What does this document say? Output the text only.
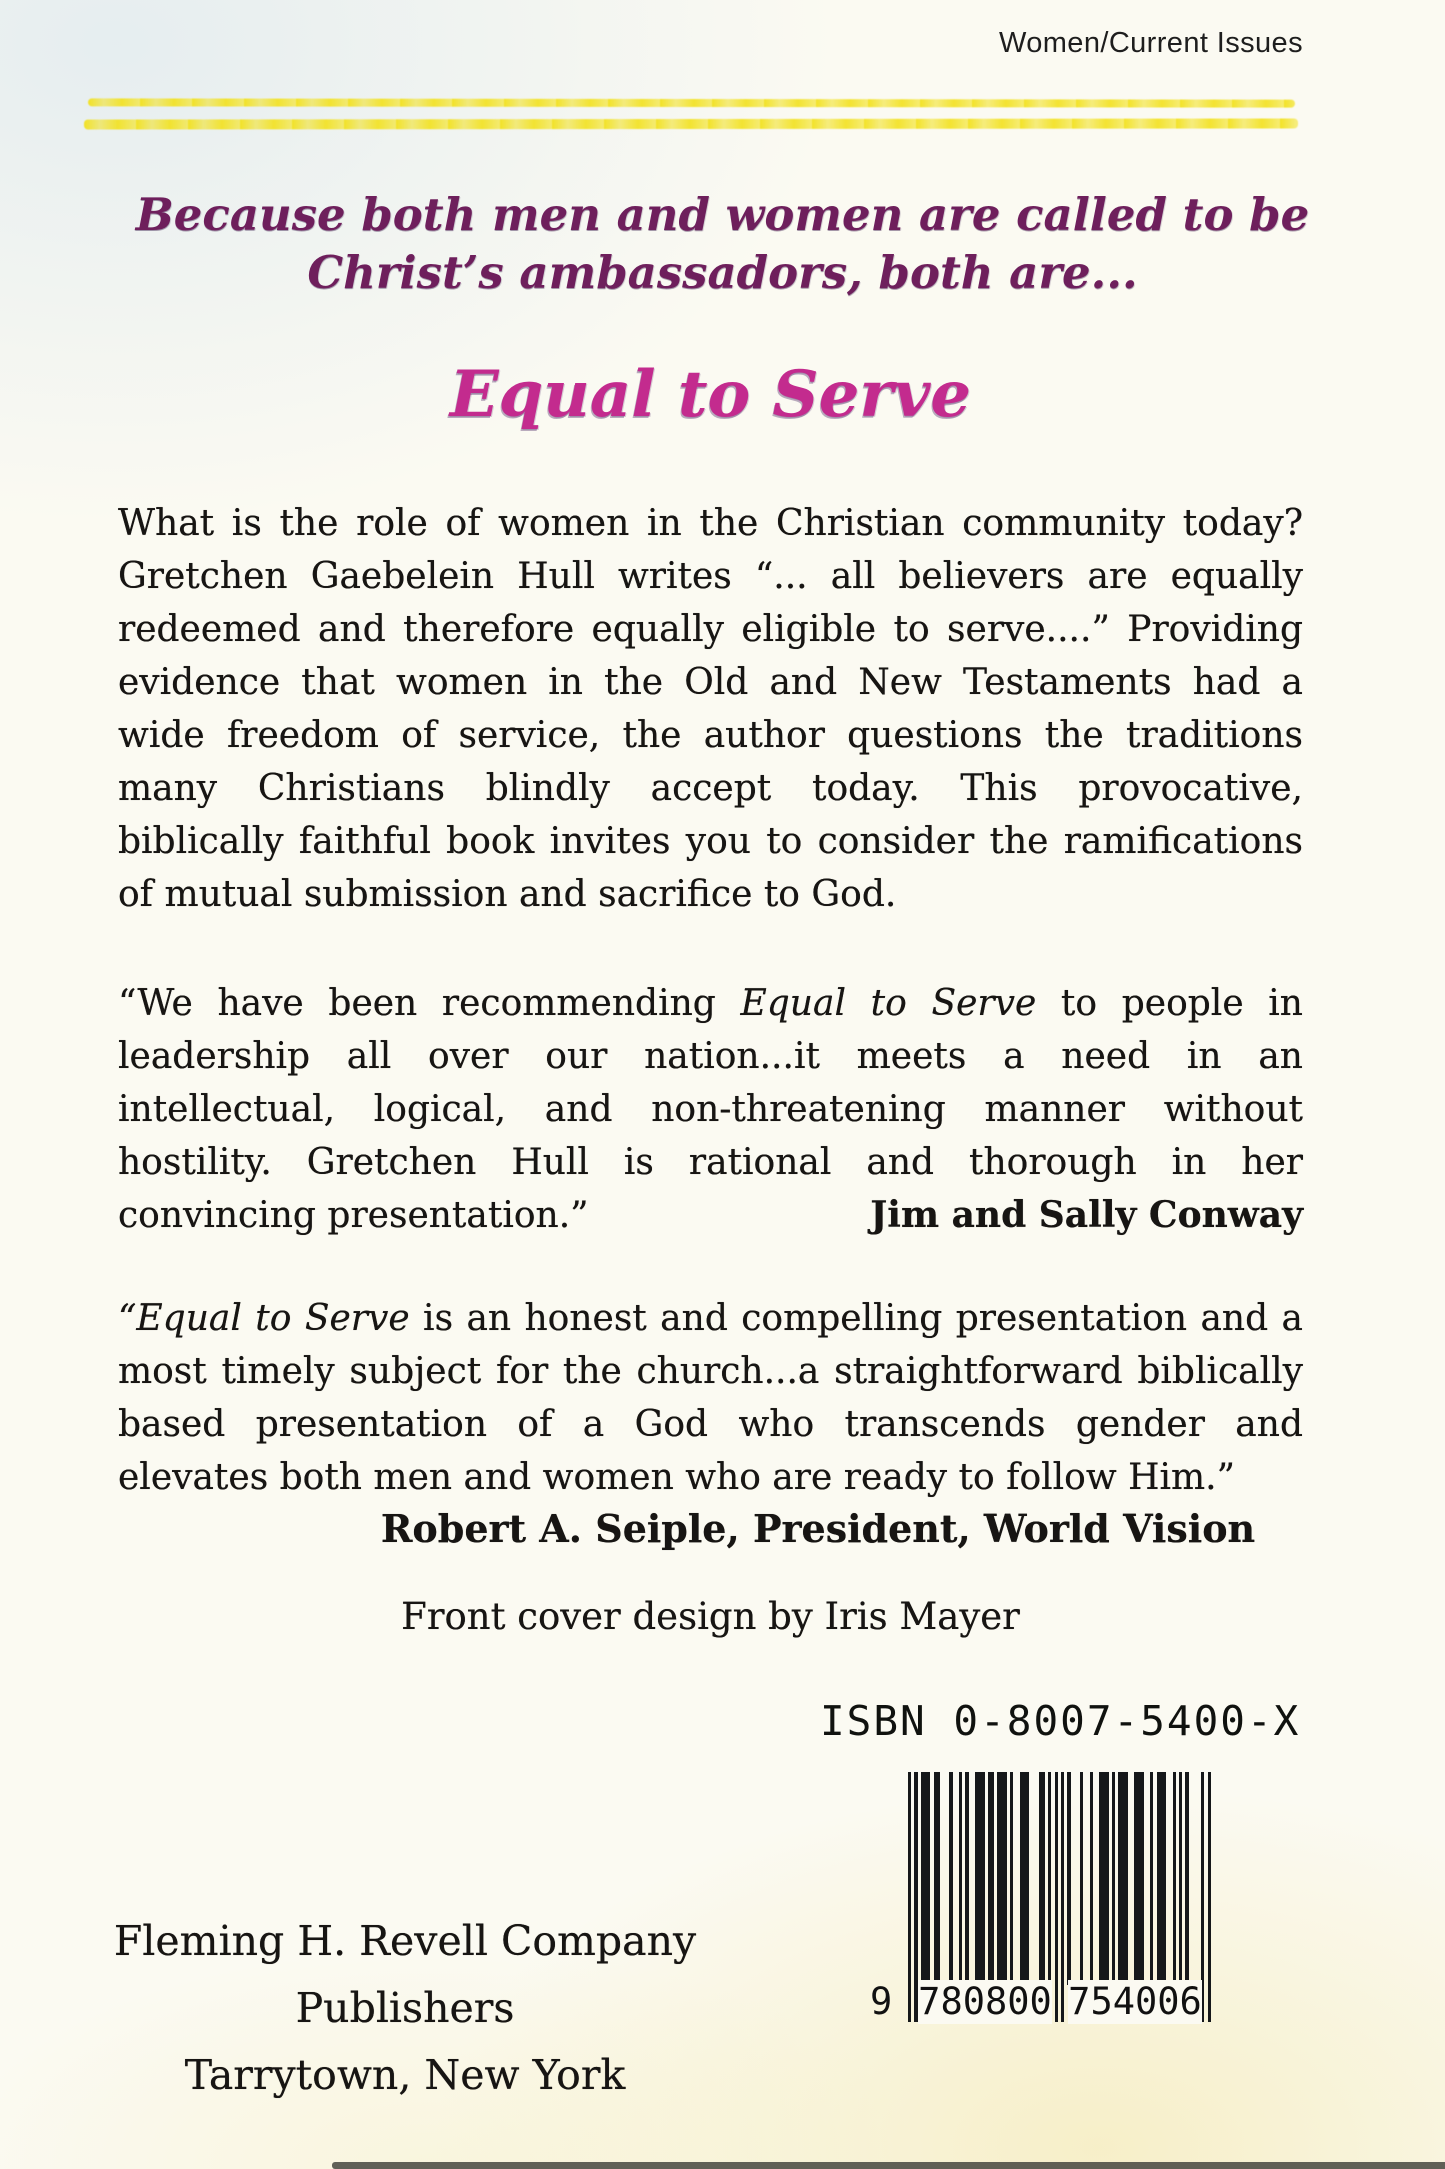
Women/Current Issues
Because both men and women are called to be
Christ’s ambassadors, both are...
Equal to Serve
What is the role of women in the Christian community today? Gretchen Gaebelein Hull writes “... all believers are equally redeemed and therefore equally eligible to serve....” Providing evidence that women in the Old and New Testaments had a wide freedom of service, the author questions the traditions many Christians blindly accept today. This provocative, biblically faithful book invites you to consider the ramifications of mutual submission and sacrifice to God.
“We have been recommending Equal to Serve to people in leadership all over our nation...it meets a need in an intellectual, logical, and non-threatening manner without hostility. Gretchen Hull is rational and thorough in her convincing presentation.”	Jim and Sally Conway
“Equal to Serve is an honest and compelling presentation and a most timely subject for the church...a straightforward biblically based presentation of a God who transcends gender and elevates both men and women who are ready to follow Him.”
Robert A. Seiple, President, World Vision
Front cover design by Iris Mayer
ISBN 0-8007-5400-X
9 780800 754006
Fleming H. Revell Company
Publishers
Tarrytown, New York
